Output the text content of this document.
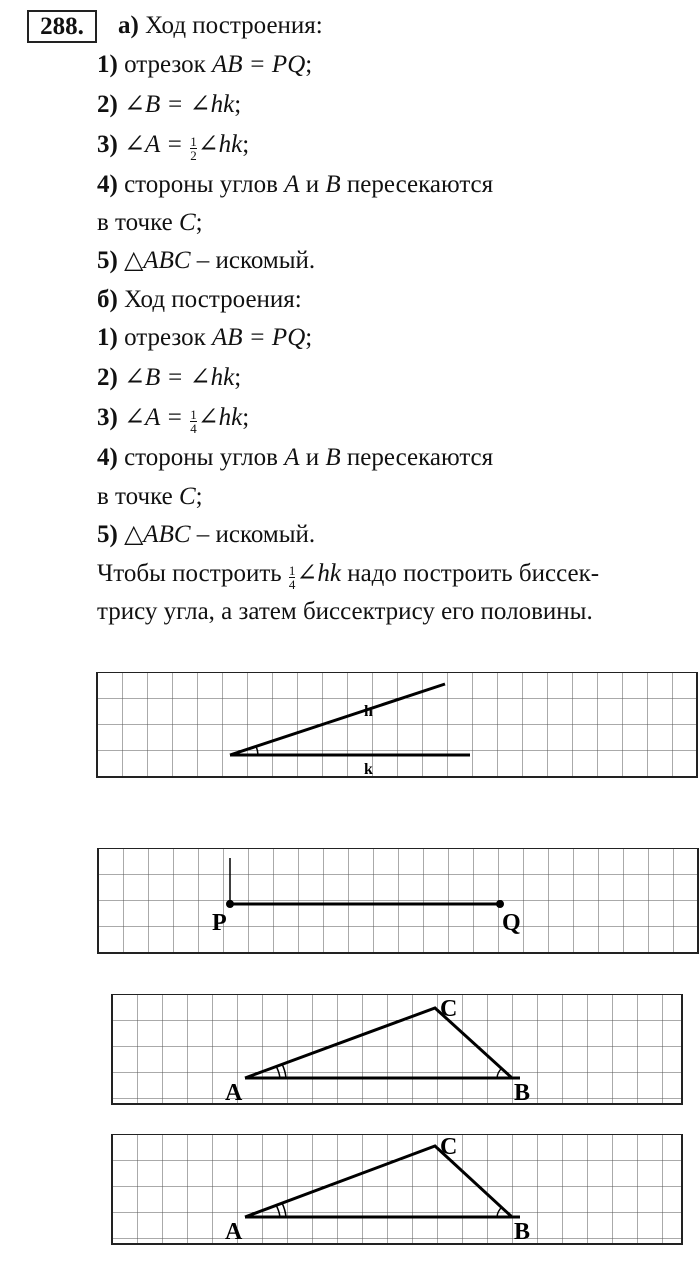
288.	а) Ход построения:
1) отрезок AB = PQ;
2) ∠B = ∠hk;
3) ∠A = $\frac{1}{2}$ ∠hk;
4) стороны углов A и B пересекаются
в точке C;
5) △ABC – искомый.
б) Ход построения:
1) отрезок AB = PQ;
2) ∠B = ∠hk;
3) ∠A = $\frac{1}{4}$ ∠hk;
4) стороны углов A и B пересекаются
в точке C;
5) △ABC – искомый.
Чтобы построить $\frac{1}{4}$ ∠hk надо построить биссек-
трису угла, а затем биссектрису его половины.
h
k
P	Q
A	B
C
A	B
C
